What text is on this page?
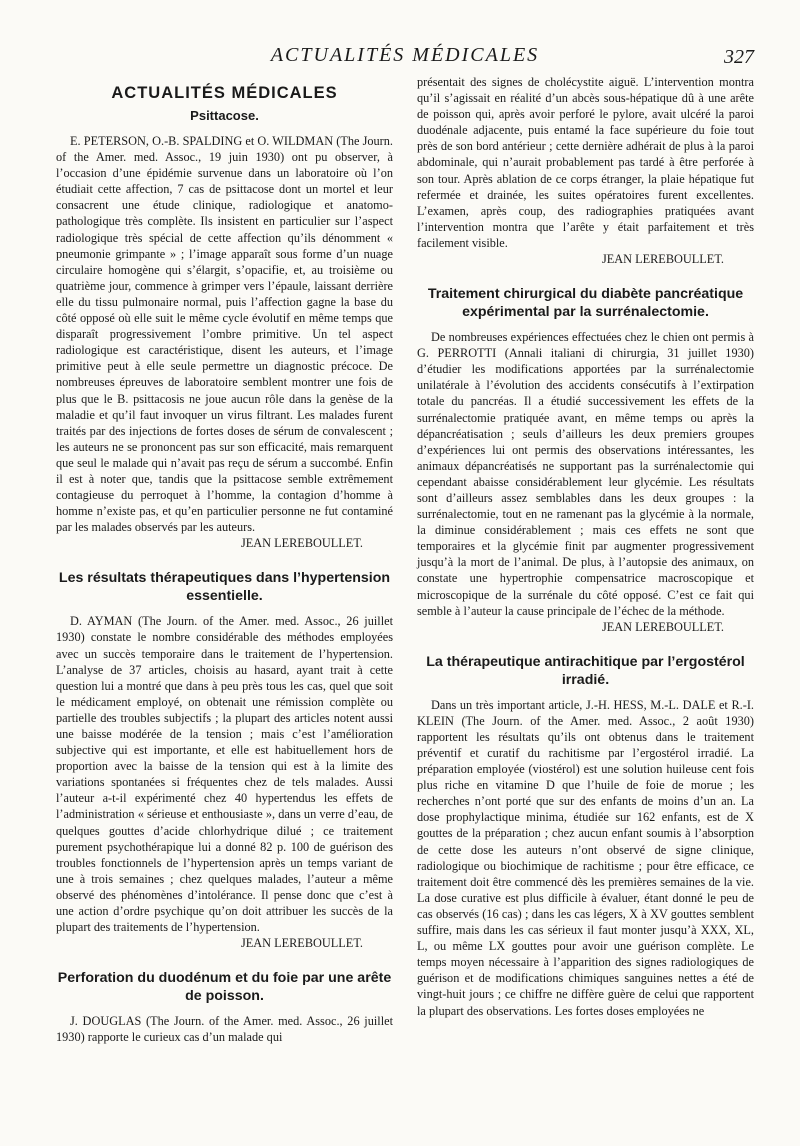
ACTUALITÉS MÉDICALES	327
ACTUALITÉS MÉDICALES
Psittacose.

E. PETERSON, O.-B. SPALDING et O. WILDMAN (The Journ. of the Amer. med. Assoc., 19 juin 1930) ont pu observer, à l’occasion d’une épidémie survenue dans un laboratoire où l’on étudiait cette affection, 7 cas de psittacose dont un mortel et leur consacrent une étude clinique, radiologique et anatomo-pathologique très complète. Ils insistent en particulier sur l’aspect radiologique très spécial de cette affection qu’ils dénomment « pneumonie grimpante » ; l’image apparaît sous forme d’un nuage circulaire homogène qui s’élargit, s’opacifie, et, au troisième ou quatrième jour, commence à grimper vers l’épaule, laissant derrière elle du tissu pulmonaire normal, puis l’affection gagne la base du côté opposé où elle suit le même cycle évolutif en même temps que disparaît progressivement l’ombre primitive. Un tel aspect radiologique est caractéristique, disent les auteurs, et l’image primitive peut à elle seule permettre un diagnostic précoce. De nombreuses épreuves de laboratoire semblent montrer une fois de plus que le B. psittacosis ne joue aucun rôle dans la genèse de la maladie et qu’il faut invoquer un virus filtrant. Les malades furent traités par des injections de fortes doses de sérum de convalescent ; les auteurs ne se prononcent pas sur son efficacité, mais remarquent que seul le malade qui n’avait pas reçu de sérum a succombé. Enfin il est à noter que, tandis que la psittacose semble extrêmement contagieuse du perroquet à l’homme, la contagion d’homme à homme n’existe pas, et qu’en particulier personne ne fut contaminé par les malades observés par les auteurs.

JEAN LEREBOULLET.
Les résultats thérapeutiques dans l’hypertension essentielle.

D. AYMAN (The Journ. of the Amer. med. Assoc., 26 juillet 1930) constate le nombre considérable des méthodes employées avec un succès temporaire dans le traitement de l’hypertension. L’analyse de 37 articles, choisis au hasard, ayant trait à cette question lui a montré que dans à peu près tous les cas, quel que soit le médicament employé, on obtenait une rémission complète ou partielle des troubles subjectifs ; la plupart des articles notent aussi une baisse modérée de la tension ; mais c’est l’amélioration subjective qui est importante, et elle est habituellement hors de proportion avec la baisse de la tension qui est à la limite des variations spontanées si fréquentes chez de tels malades. Aussi l’auteur a-t-il expérimenté chez 40 hypertendus les effets de l’administration « sérieuse et enthousiaste », dans un verre d’eau, de quelques gouttes d’acide chlorhydrique dilué ; ce traitement purement psychothérapique lui a donné 82 p. 100 de guérison des troubles fonctionnels de l’hypertension après un temps variant de une à trois semaines ; chez quelques malades, l’auteur a même observé des phénomènes d’intolérance. Il pense donc que c’est à une action d’ordre psychique qu’on doit attribuer les succès de la plupart des traitements de l’hypertension.

JEAN LEREBOULLET.
Perforation du duodénum et du foie par une arête de poisson.

J. DOUGLAS (The Journ. of the Amer. med. Assoc., 26 juillet 1930) rapporte le curieux cas d’un malade qui

présentait des signes de cholécystite aiguë. L’intervention montra qu’il s’agissait en réalité d’un abcès sous-hépatique dû à une arête de poisson qui, après avoir perforé le pylore, avait ulcéré la paroi duodénale adjacente, puis entamé la face supérieure du foie tout près de son bord antérieur ; cette dernière adhérait de plus à la paroi abdominale, qui n’aurait probablement pas tardé à être perforée à son tour. Après ablation de ce corps étranger, la plaie hépatique fut refermée et drainée, les suites opératoires furent excellentes. L’examen, après coup, des radiographies pratiquées avant l’intervention montra que l’arête y était parfaitement et très facilement visible.

JEAN LEREBOULLET.
Traitement chirurgical du diabète pancréatique expérimental par la surrénalectomie.

De nombreuses expériences effectuées chez le chien ont permis à G. PERROTTI (Annali italiani di chirurgia, 31 juillet 1930) d’étudier les modifications apportées par la surrénalectomie unilatérale à l’évolution des accidents consécutifs à l’extirpation totale du pancréas. Il a étudié successivement les effets de la surrénalectomie pratiquée avant, en même temps ou après la dépancréatisation ; seuls d’ailleurs les deux premiers groupes d’expériences lui ont permis des observations intéressantes, les animaux dépancréatisés ne supportant pas la surrénalectomie qui cependant abaisse considérablement leur glycémie. Les résultats sont d’ailleurs assez semblables dans les deux groupes : la surrénalectomie, tout en ne ramenant pas la glycémie à la normale, la diminue considérablement ; mais ces effets ne sont que temporaires et la glycémie finit par augmenter progressivement jusqu’à la mort de l’animal. De plus, à l’autopsie des animaux, on constate une hypertrophie compensatrice macroscopique et microscopique de la surrénale du côté opposé. C’est ce fait qui semble à l’auteur la cause principale de l’échec de la méthode.

JEAN LEREBOULLET.
La thérapeutique antirachitique par l’ergostérol irradié.

Dans un très important article, J.-H. HESS, M.-L. DALE et R.-I. KLEIN (The Journ. of the Amer. med. Assoc., 2 août 1930) rapportent les résultats qu’ils ont obtenus dans le traitement préventif et curatif du rachitisme par l’ergostérol irradié. La préparation employée (viostérol) est une solution huileuse cent fois plus riche en vitamine D que l’huile de foie de morue ; les recherches n’ont porté que sur des enfants de moins d’un an. La dose prophylactique minima, étudiée sur 162 enfants, est de X gouttes de la préparation ; chez aucun enfant soumis à l’absorption de cette dose les auteurs n’ont observé de signe clinique, radiologique ou biochimique de rachitisme ; pour être efficace, ce traitement doit être commencé dès les premières semaines de la vie. La dose curative est plus difficile à évaluer, étant donné le peu de cas observés (16 cas) ; dans les cas légers, X à XV gouttes semblent suffire, mais dans les cas sérieux il faut monter jusqu’à XXX, XL, L, ou même LX gouttes pour avoir une guérison complète. Le temps moyen nécessaire à l’apparition des signes radiologiques de guérison et de modifications chimiques sanguines nettes a été de vingt-huit jours ; ce chiffre ne diffère guère de celui que rapportent la plupart des observations. Les fortes doses employées ne
